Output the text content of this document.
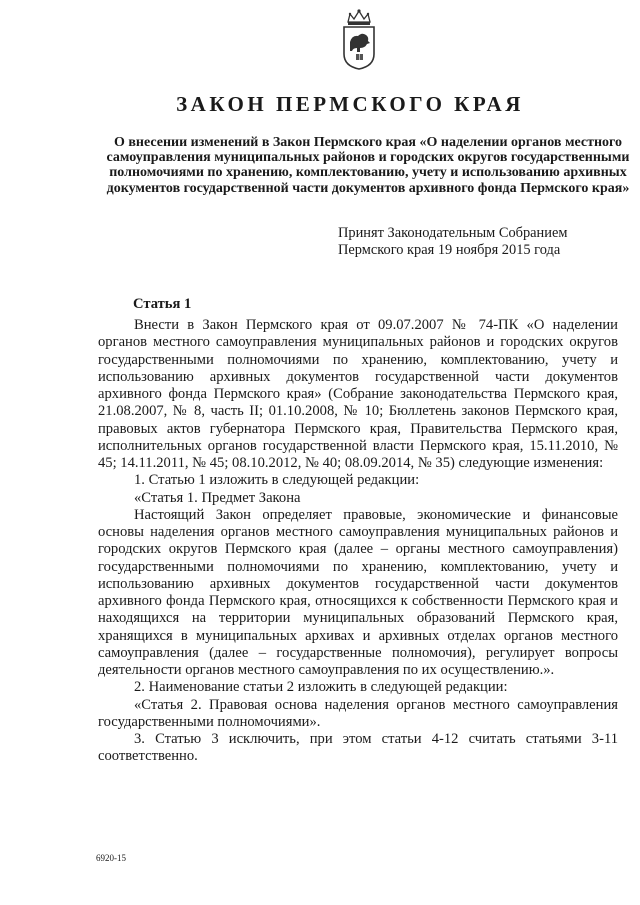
ЗАКОН ПЕРМСКОГО КРАЯ
О внесении изменений в Закон Пермского края «О наделении органов местного самоуправления муниципальных районов и городских округов государственными полномочиями по хранению, комплектованию, учету и использованию архивных документов государственной части документов архивного фонда Пермского края»
Принят Законодательным Собранием
Пермского края 19 ноября 2015 года
Статья 1

Внести в Закон Пермского края от 09.07.2007 № 74-ПК «О наделении органов местного самоуправления муниципальных районов и городских округов государственными полномочиями по хранению, комплектованию, учету и использованию архивных документов государственной части документов архивного фонда Пермского края» (Собрание законодательства Пермского края, 21.08.2007, № 8, часть II; 01.10.2008, № 10; Бюллетень законов Пермского края, правовых актов губернатора Пермского края, Правительства Пермского края, исполнительных органов государственной власти Пермского края, 15.11.2010, № 45; 14.11.2011, № 45; 08.10.2012, № 40; 08.09.2014, № 35) следующие изменения:

1. Статью 1 изложить в следующей редакции:

«Статья 1. Предмет Закона

Настоящий Закон определяет правовые, экономические и финансовые основы наделения органов местного самоуправления муниципальных районов и городских округов Пермского края (далее – органы местного самоуправления) государственными полномочиями по хранению, комплектованию, учету и использованию архивных документов государственной части документов архивного фонда Пермского края, относящихся к собственности Пермского края и находящихся на территории муниципальных образований Пермского края, хранящихся в муниципальных архивах и архивных отделах органов местного самоуправления (далее – государственные полномочия), регулирует вопросы деятельности органов местного самоуправления по их осуществлению.».

2. Наименование статьи 2 изложить в следующей редакции:

«Статья 2. Правовая основа наделения органов местного самоуправления государственными полномочиями».

3. Статью 3 исключить, при этом статьи 4-12 считать статьями 3-11 соответственно.

6920-15
